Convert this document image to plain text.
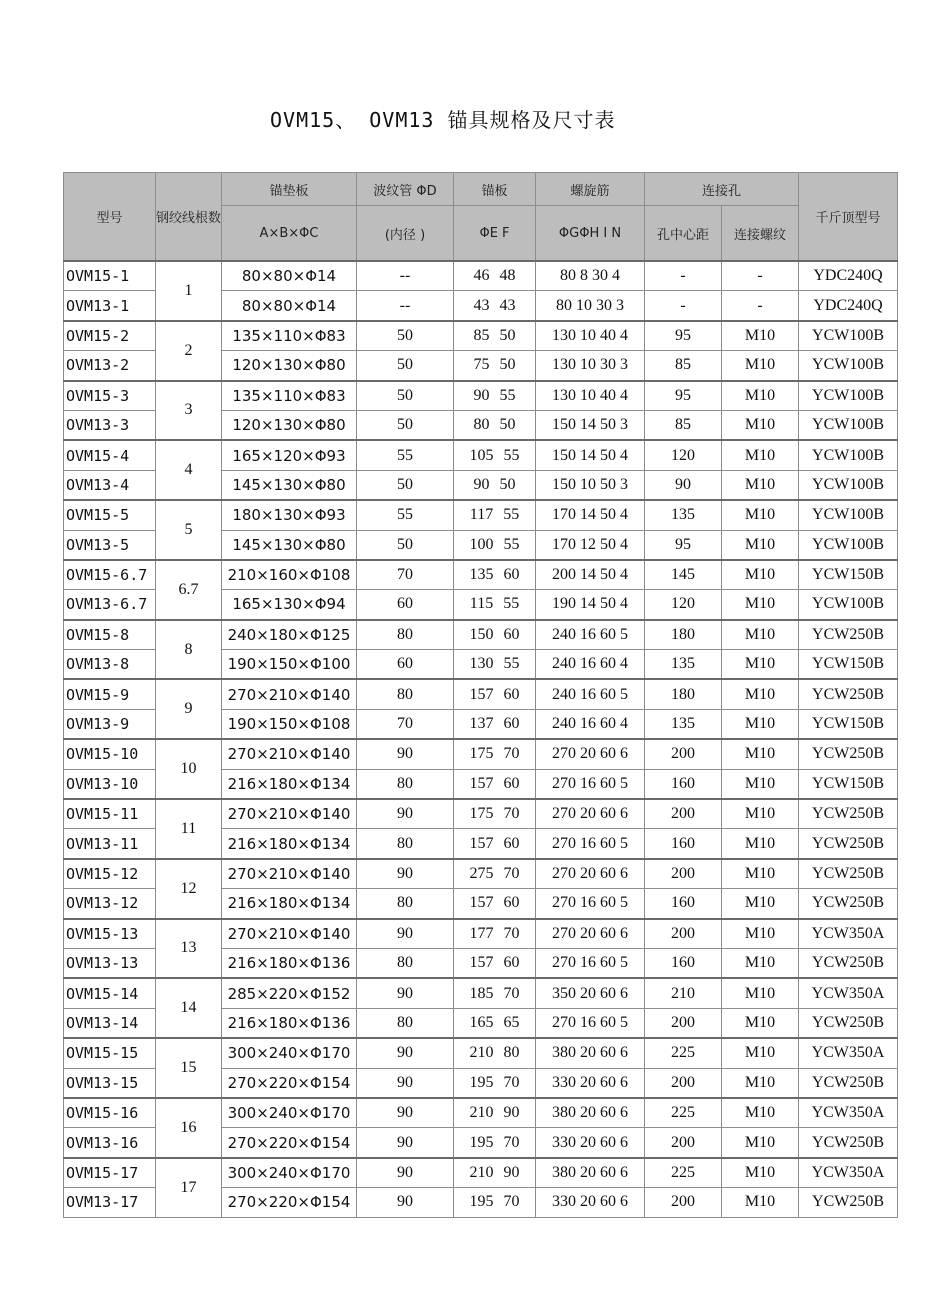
OVM15、 OVM13 锚具规格及尺寸表
型号	钢绞线根数	锚垫板	波纹管 ΦD	锚板	螺旋筋	连接孔		千斤顶型号
		A×B×ΦC	(内径 )	ΦE F	ΦGΦH I N	孔中心距	连接螺纹	
OVM15-1	1	80×80×Φ14	--	46 48	80 8 30 4	-	-	YDC240Q
OVM13-1		80×80×Φ14	--	43 43	80 10 30 3	-	-	YDC240Q
OVM15-2	2	135×110×Φ83	50	85 50	130 10 40 4	95	M10	YCW100B
OVM13-2		120×130×Φ80	50	75 50	130 10 30 3	85	M10	YCW100B
OVM15-3	3	135×110×Φ83	50	90 55	130 10 40 4	95	M10	YCW100B
OVM13-3		120×130×Φ80	50	80 50	150 14 50 3	85	M10	YCW100B
OVM15-4	4	165×120×Φ93	55	105 55	150 14 50 4	120	M10	YCW100B
OVM13-4		145×130×Φ80	50	90 50	150 10 50 3	90	M10	YCW100B
OVM15-5	5	180×130×Φ93	55	117 55	170 14 50 4	135	M10	YCW100B
OVM13-5		145×130×Φ80	50	100 55	170 12 50 4	95	M10	YCW100B
OVM15-6.7	6.7	210×160×Φ108	70	135 60	200 14 50 4	145	M10	YCW150B
OVM13-6.7		165×130×Φ94	60	115 55	190 14 50 4	120	M10	YCW100B
OVM15-8	8	240×180×Φ125	80	150 60	240 16 60 5	180	M10	YCW250B
OVM13-8		190×150×Φ100	60	130 55	240 16 60 4	135	M10	YCW150B
OVM15-9	9	270×210×Φ140	80	157 60	240 16 60 5	180	M10	YCW250B
OVM13-9		190×150×Φ108	70	137 60	240 16 60 4	135	M10	YCW150B
OVM15-10	10	270×210×Φ140	90	175 70	270 20 60 6	200	M10	YCW250B
OVM13-10		216×180×Φ134	80	157 60	270 16 60 5	160	M10	YCW150B
OVM15-11	11	270×210×Φ140	90	175 70	270 20 60 6	200	M10	YCW250B
OVM13-11		216×180×Φ134	80	157 60	270 16 60 5	160	M10	YCW250B
OVM15-12	12	270×210×Φ140	90	275 70	270 20 60 6	200	M10	YCW250B
OVM13-12		216×180×Φ134	80	157 60	270 16 60 5	160	M10	YCW250B
OVM15-13	13	270×210×Φ140	90	177 70	270 20 60 6	200	M10	YCW350A
OVM13-13		216×180×Φ136	80	157 60	270 16 60 5	160	M10	YCW250B
OVM15-14	14	285×220×Φ152	90	185 70	350 20 60 6	210	M10	YCW350A
OVM13-14		216×180×Φ136	80	165 65	270 16 60 5	200	M10	YCW250B
OVM15-15	15	300×240×Φ170	90	210 80	380 20 60 6	225	M10	YCW350A
OVM13-15		270×220×Φ154	90	195 70	330 20 60 6	200	M10	YCW250B
OVM15-16	16	300×240×Φ170	90	210 90	380 20 60 6	225	M10	YCW350A
OVM13-16		270×220×Φ154	90	195 70	330 20 60 6	200	M10	YCW250B
OVM15-17	17	300×240×Φ170	90	210 90	380 20 60 6	225	M10	YCW350A
OVM13-17		270×220×Φ154	90	195 70	330 20 60 6	200	M10	YCW250B
